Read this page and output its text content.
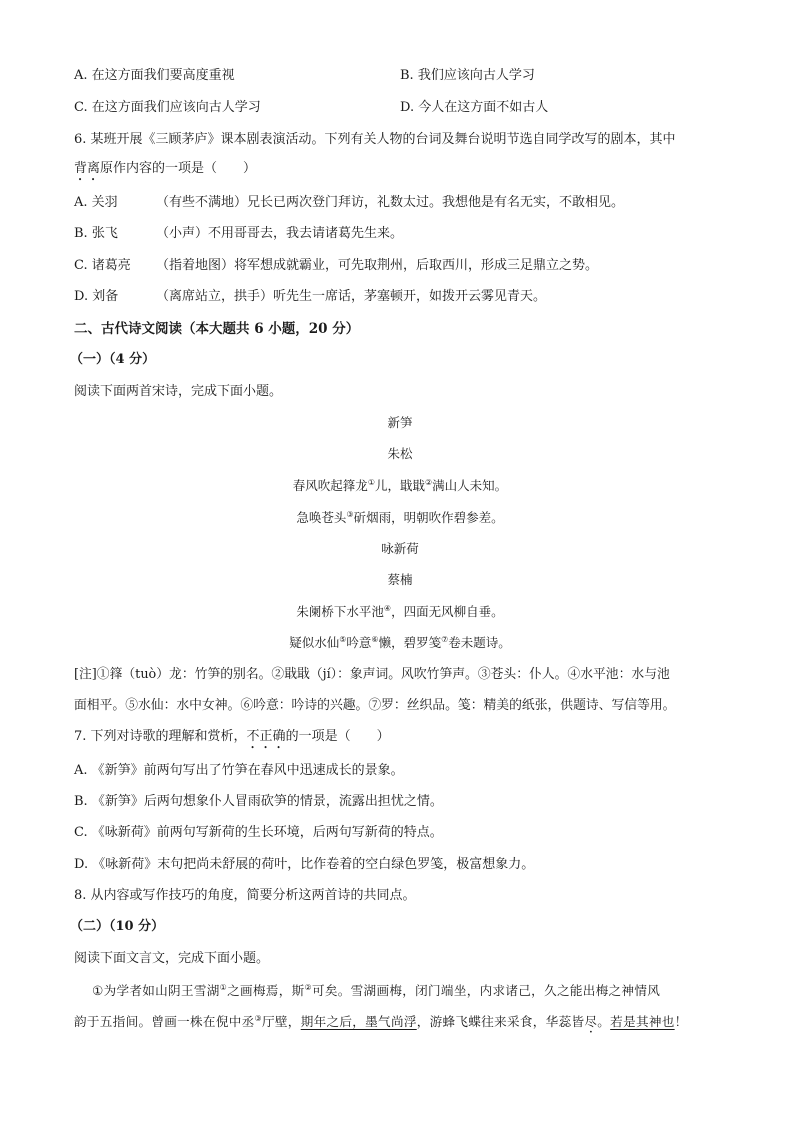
A. 在这方面我们要高度重视	B. 我们应该向古人学习
C. 在这方面我们应该向古人学习	D. 今人在这方面不如古人
6. 某班开展《三顾茅庐》课本剧表演活动。下列有关人物的台词及舞台说明节选自同学改写的剧本，其中
背离原作内容的一项是（　　）
A. 关羽	（有些不满地）兄长已两次登门拜访，礼数太过。我想他是有名无实，不敢相见。
B. 张飞	（小声）不用哥哥去，我去请诸葛先生来。
C. 诸葛亮 （指着地图）将军想成就霸业，可先取荆州，后取西川，形成三足鼎立之势。
D. 刘备	（离席站立，拱手）听先生一席话，茅塞顿开，如拨开云雾见青天。
二、古代诗文阅读（本大题共 6 小题，20 分）
（一）（4 分）
阅读下面两首宋诗，完成下面小题。
新笋
朱松
春风吹起箨龙①儿，戢戢②满山人未知。
急唤苍头③斫烟雨，明朝吹作碧参差。
咏新荷
蔡楠
朱阑桥下水平池④，四面无风柳自垂。
疑似水仙⑤吟意⑥懒，碧罗笺⑦卷未题诗。
[注]①箨（tuò）龙：竹笋的别名。②戢戢（jí）：象声词。风吹竹笋声。③苍头：仆人。④水平池：水与池
面相平。⑤水仙：水中女神。⑥吟意：吟诗的兴趣。⑦罗：丝织品。笺：精美的纸张，供题诗、写信等用。
7. 下列对诗歌的理解和赏析，不正确的一项是（　　）
A. 《新笋》前两句写出了竹笋在春风中迅速成长的景象。
B. 《新笋》后两句想象仆人冒雨砍笋的情景，流露出担忧之情。
C. 《咏新荷》前两句写新荷的生长环境，后两句写新荷的特点。
D. 《咏新荷》末句把尚未舒展的荷叶，比作卷着的空白绿色罗笺，极富想象力。
8. 从内容或写作技巧的角度，简要分析这两首诗的共同点。
（二）（10 分）
阅读下面文言文，完成下面小题。
①为学者如山阴王雪湖①之画梅焉，斯②可矣。雪湖画梅，闭门端坐，内求诸己，久之能出梅之神情风
韵于五指间。曾画一株在倪中丞③厅壁，期年之后，墨气尚浮，游蜂飞蝶往来采食，华蕊皆尽。若是其神也！
